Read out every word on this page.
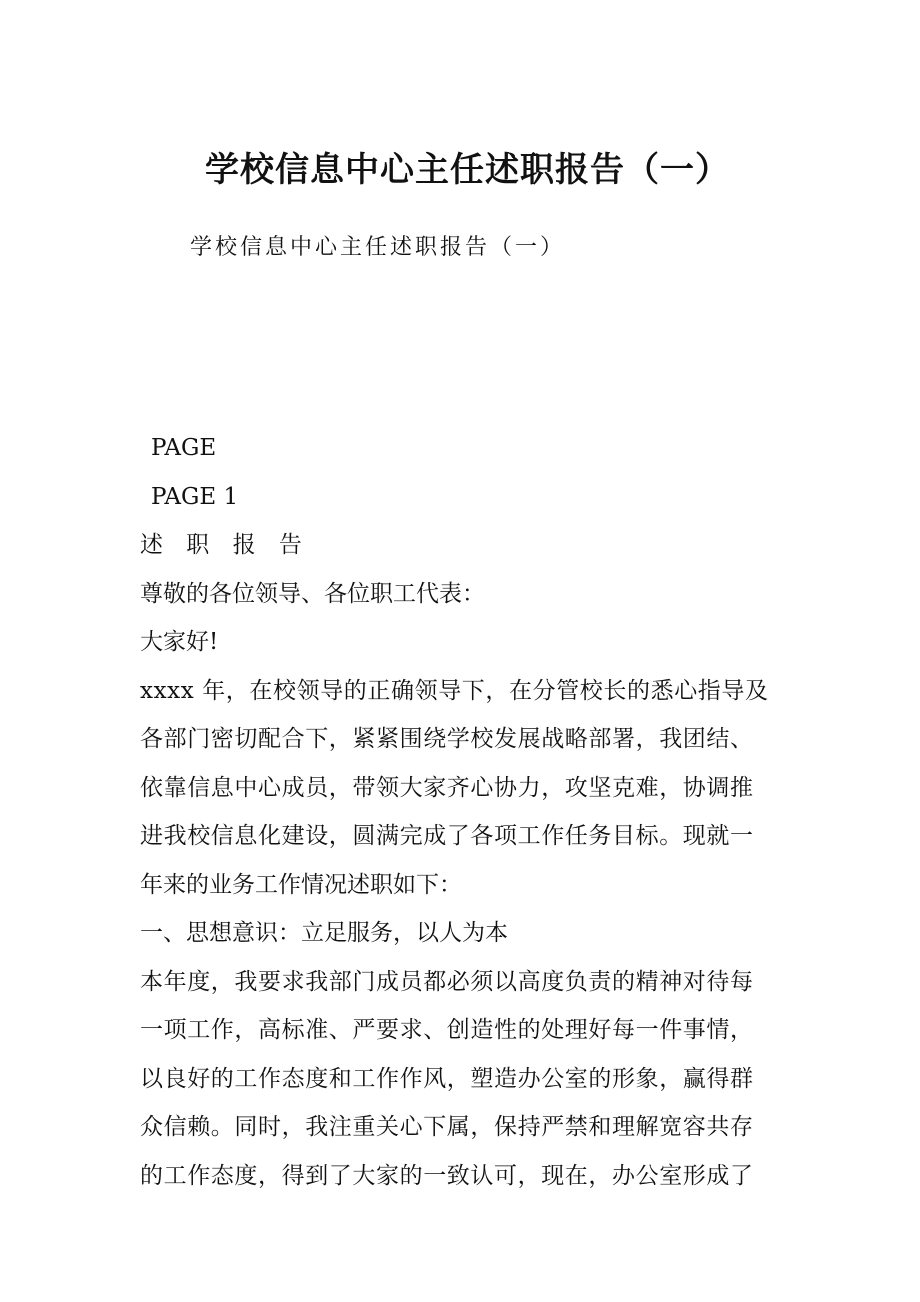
学校信息中心主任述职报告（一）
学校信息中心主任述职报告（一）
PAGE
PAGE 1
述 职 报 告
尊敬的各位领导、各位职工代表：
大家好!
xxxx 年，在校领导的正确领导下，在分管校长的悉心指导及
各部门密切配合下，紧紧围绕学校发展战略部署，我团结、
依靠信息中心成员，带领大家齐心协力，攻坚克难，协调推
进我校信息化建设，圆满完成了各项工作任务目标。现就一
年来的业务工作情况述职如下：
一、思想意识：立足服务，以人为本
本年度，我要求我部门成员都必须以高度负责的精神对待每
一项工作，高标准、严要求、创造性的处理好每一件事情，
以良好的工作态度和工作作风，塑造办公室的形象，赢得群
众信赖。同时，我注重关心下属，保持严禁和理解宽容共存
的工作态度，得到了大家的一致认可，现在，办公室形成了
